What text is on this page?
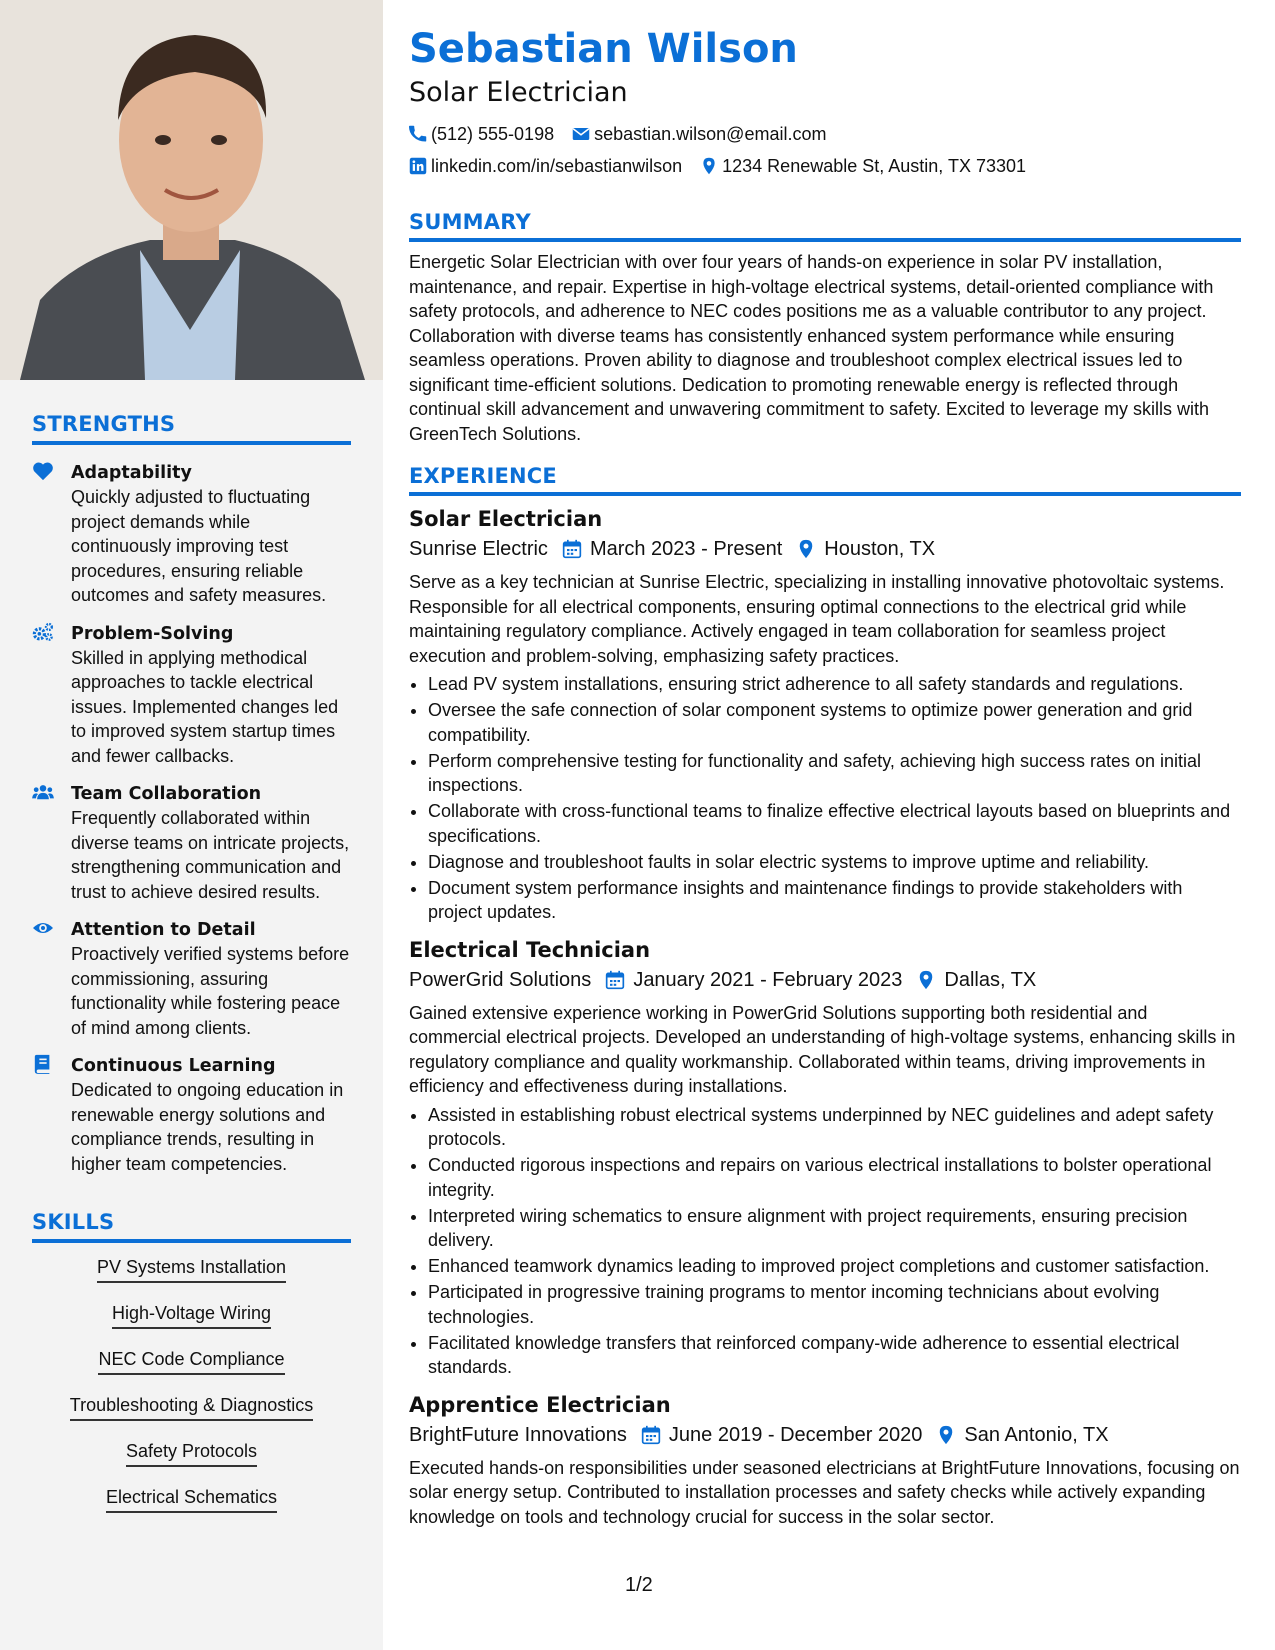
STRENGTHS
Adaptability
Quickly adjusted to fluctuating project demands while continuously improving test procedures, ensuring reliable outcomes and safety measures.
Problem-Solving
Skilled in applying methodical approaches to tackle electrical issues. Implemented changes led to improved system startup times and fewer callbacks.
Team Collaboration
Frequently collaborated within diverse teams on intricate projects, strengthening communication and trust to achieve desired results.
Attention to Detail
Proactively verified systems before commissioning, assuring functionality while fostering peace of mind among clients.
Continuous Learning
Dedicated to ongoing education in renewable energy solutions and compliance trends, resulting in higher team competencies.
SKILLS
PV Systems Installation
High-Voltage Wiring
NEC Code Compliance
Troubleshooting & Diagnostics
Safety Protocols
Electrical Schematics
Sebastian Wilson
Solar Electrician
(512) 555-0198 sebastian.wilson@email.com
linkedin.com/in/sebastianwilson 1234 Renewable St, Austin, TX 73301
SUMMARY

Energetic Solar Electrician with over four years of hands-on experience in solar PV installation, maintenance, and repair. Expertise in high-voltage electrical systems, detail-oriented compliance with safety protocols, and adherence to NEC codes positions me as a valuable contributor to any project. Collaboration with diverse teams has consistently enhanced system performance while ensuring seamless operations. Proven ability to diagnose and troubleshoot complex electrical issues led to significant time-efficient solutions. Dedication to promoting renewable energy is reflected through continual skill advancement and unwavering commitment to safety. Excited to leverage my skills with GreenTech Solutions.

EXPERIENCE
Solar Electrician
Sunrise Electric March 2023 - Present Houston, TX

Serve as a key technician at Sunrise Electric, specializing in installing innovative photovoltaic systems. Responsible for all electrical components, ensuring optimal connections to the electrical grid while maintaining regulatory compliance. Actively engaged in team collaboration for seamless project execution and problem-solving, emphasizing safety practices.

• Lead PV system installations, ensuring strict adherence to all safety standards and regulations.
• Oversee the safe connection of solar component systems to optimize power generation and grid compatibility.
• Perform comprehensive testing for functionality and safety, achieving high success rates on initial inspections.
• Collaborate with cross-functional teams to finalize effective electrical layouts based on blueprints and specifications.
• Diagnose and troubleshoot faults in solar electric systems to improve uptime and reliability.
• Document system performance insights and maintenance findings to provide stakeholders with project updates.
Electrical Technician
PowerGrid Solutions January 2021 - February 2023 Dallas, TX

Gained extensive experience working in PowerGrid Solutions supporting both residential and commercial electrical projects. Developed an understanding of high-voltage systems, enhancing skills in regulatory compliance and quality workmanship. Collaborated within teams, driving improvements in efficiency and effectiveness during installations.

• Assisted in establishing robust electrical systems underpinned by NEC guidelines and adept safety protocols.
• Conducted rigorous inspections and repairs on various electrical installations to bolster operational integrity.
• Interpreted wiring schematics to ensure alignment with project requirements, ensuring precision delivery.
• Enhanced teamwork dynamics leading to improved project completions and customer satisfaction.
• Participated in progressive training programs to mentor incoming technicians about evolving technologies.
• Facilitated knowledge transfers that reinforced company-wide adherence to essential electrical standards.
Apprentice Electrician
BrightFuture Innovations June 2019 - December 2020 San Antonio, TX

Executed hands-on responsibilities under seasoned electricians at BrightFuture Innovations, focusing on solar energy setup. Contributed to installation processes and safety checks while actively expanding knowledge on tools and technology crucial for success in the solar sector.

1/2
